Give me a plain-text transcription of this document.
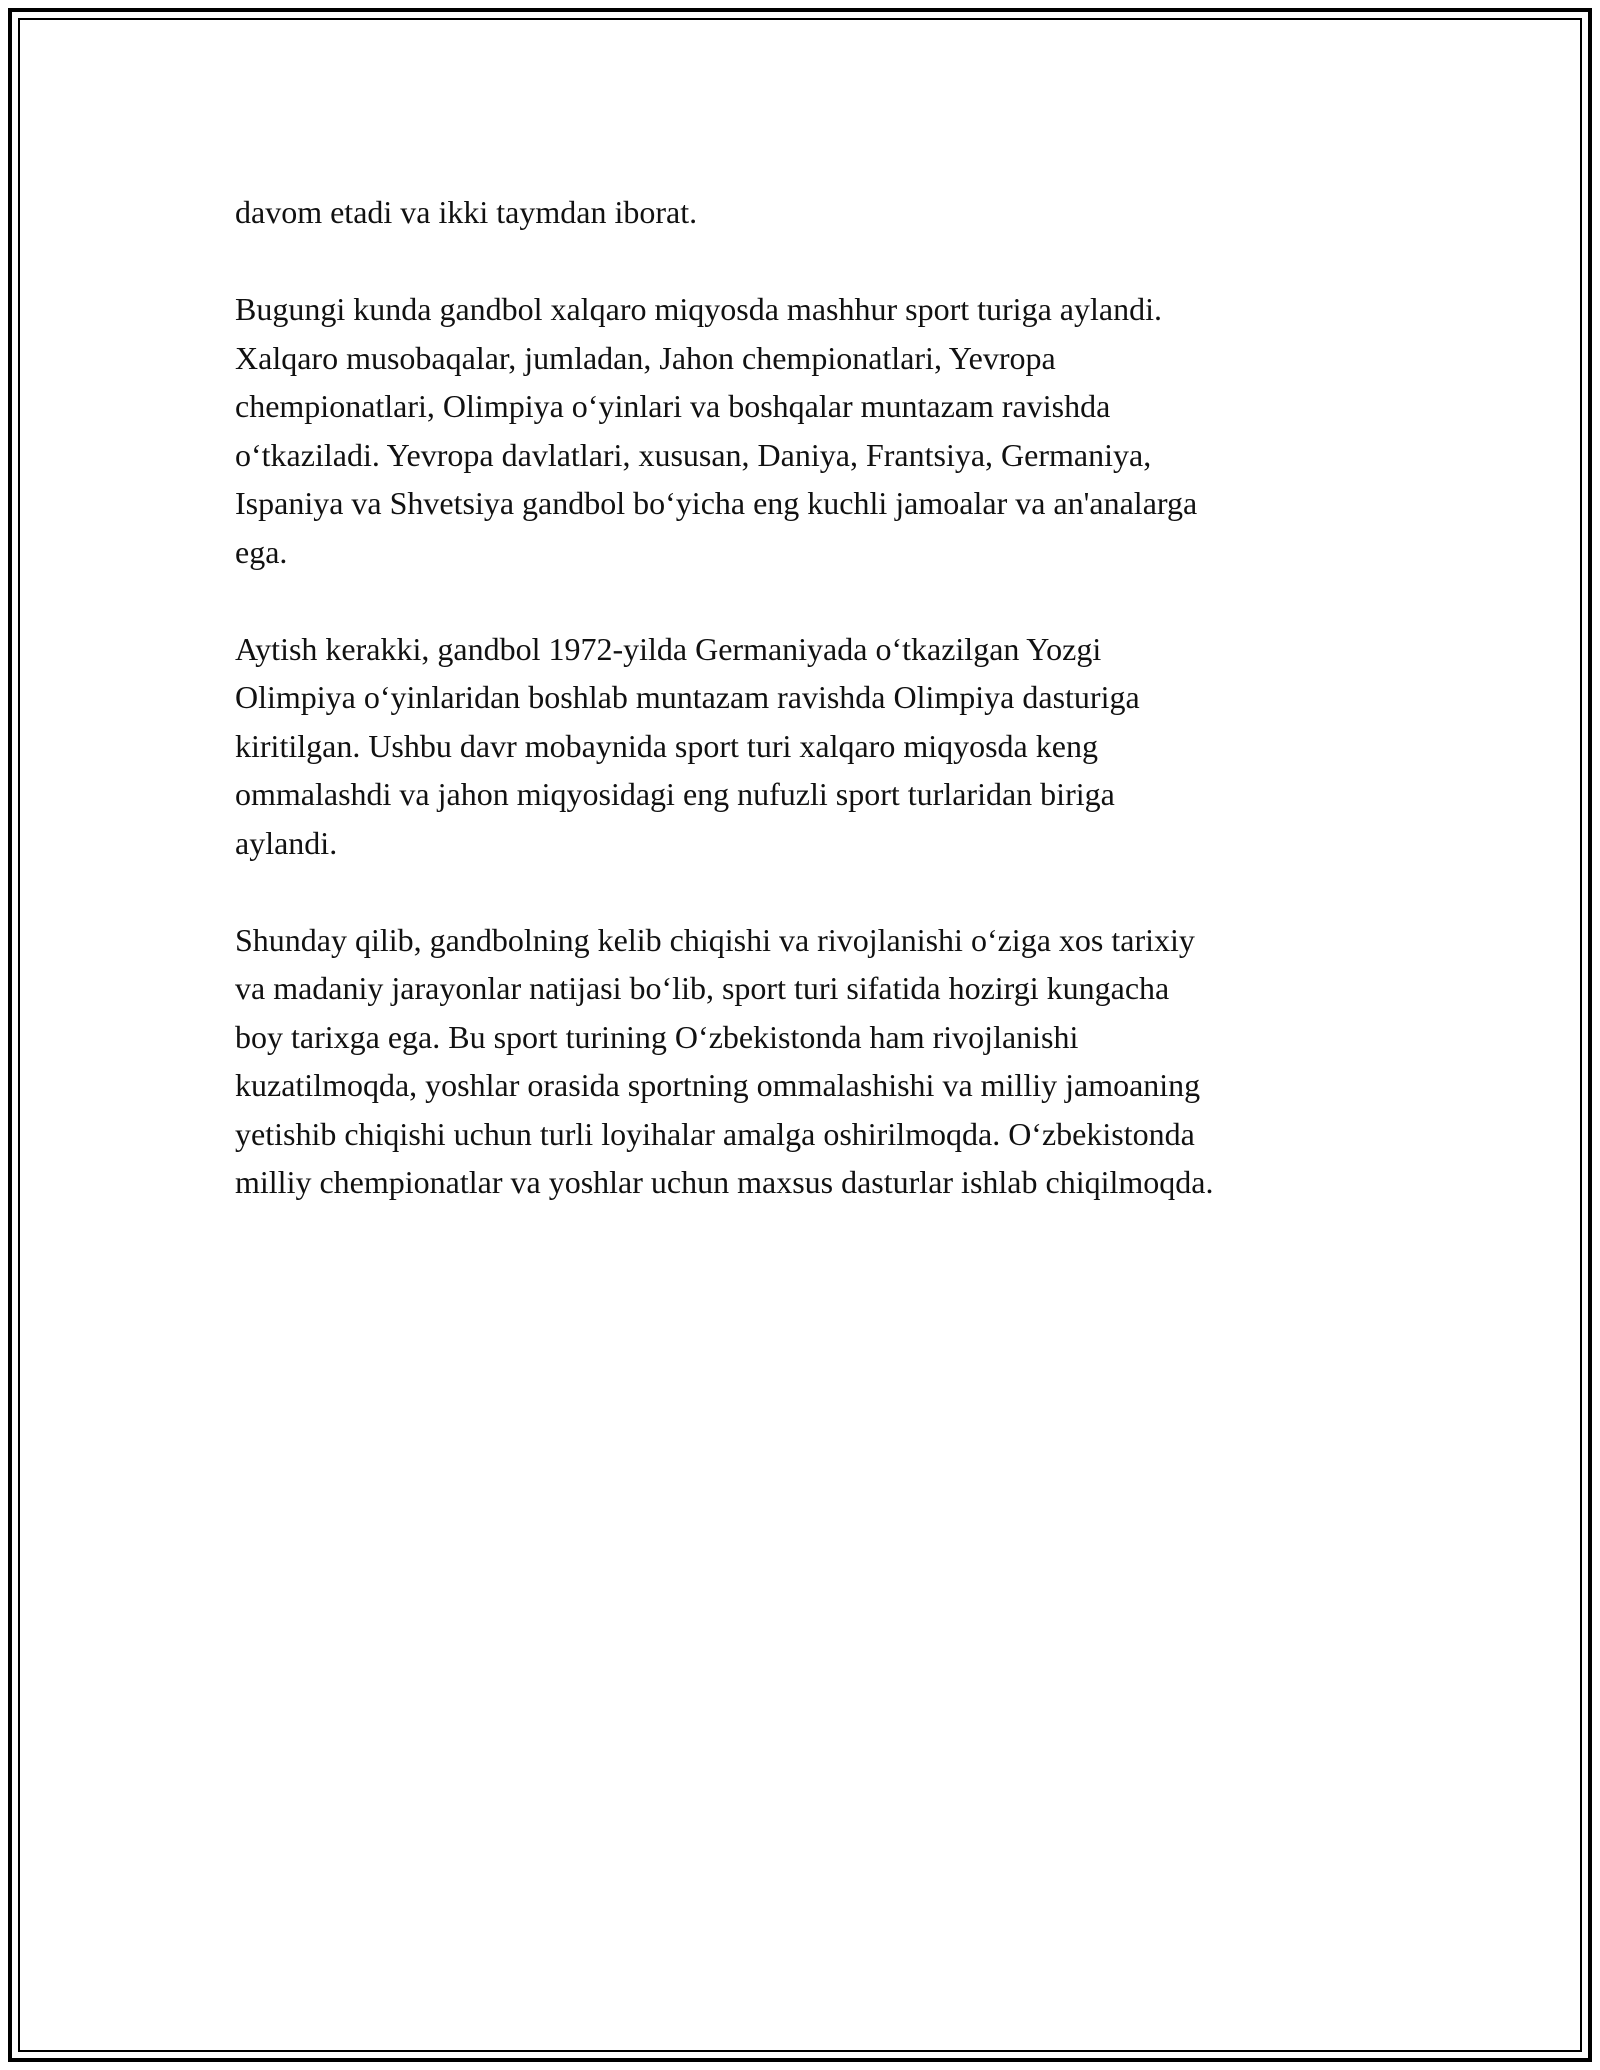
davom etadi va ikki taymdan iborat.

Bugungi kunda gandbol xalqaro miqyosda mashhur sport turiga aylandi.
Xalqaro musobaqalar, jumladan, Jahon chempionatlari, Yevropa
chempionatlari, Olimpiya o‘yinlari va boshqalar muntazam ravishda
o‘tkaziladi. Yevropa davlatlari, xususan, Daniya, Frantsiya, Germaniya,
Ispaniya va Shvetsiya gandbol bo‘yicha eng kuchli jamoalar va an'analarga
ega.

Aytish kerakki, gandbol 1972-yilda Germaniyada o‘tkazilgan Yozgi
Olimpiya o‘yinlaridan boshlab muntazam ravishda Olimpiya dasturiga
kiritilgan. Ushbu davr mobaynida sport turi xalqaro miqyosda keng
ommalashdi va jahon miqyosidagi eng nufuzli sport turlaridan biriga
aylandi.

Shunday qilib, gandbolning kelib chiqishi va rivojlanishi o‘ziga xos tarixiy
va madaniy jarayonlar natijasi bo‘lib, sport turi sifatida hozirgi kungacha
boy tarixga ega. Bu sport turining O‘zbekistonda ham rivojlanishi
kuzatilmoqda, yoshlar orasida sportning ommalashishi va milliy jamoaning
yetishib chiqishi uchun turli loyihalar amalga oshirilmoqda. O‘zbekistonda
milliy chempionatlar va yoshlar uchun maxsus dasturlar ishlab chiqilmoqda.
